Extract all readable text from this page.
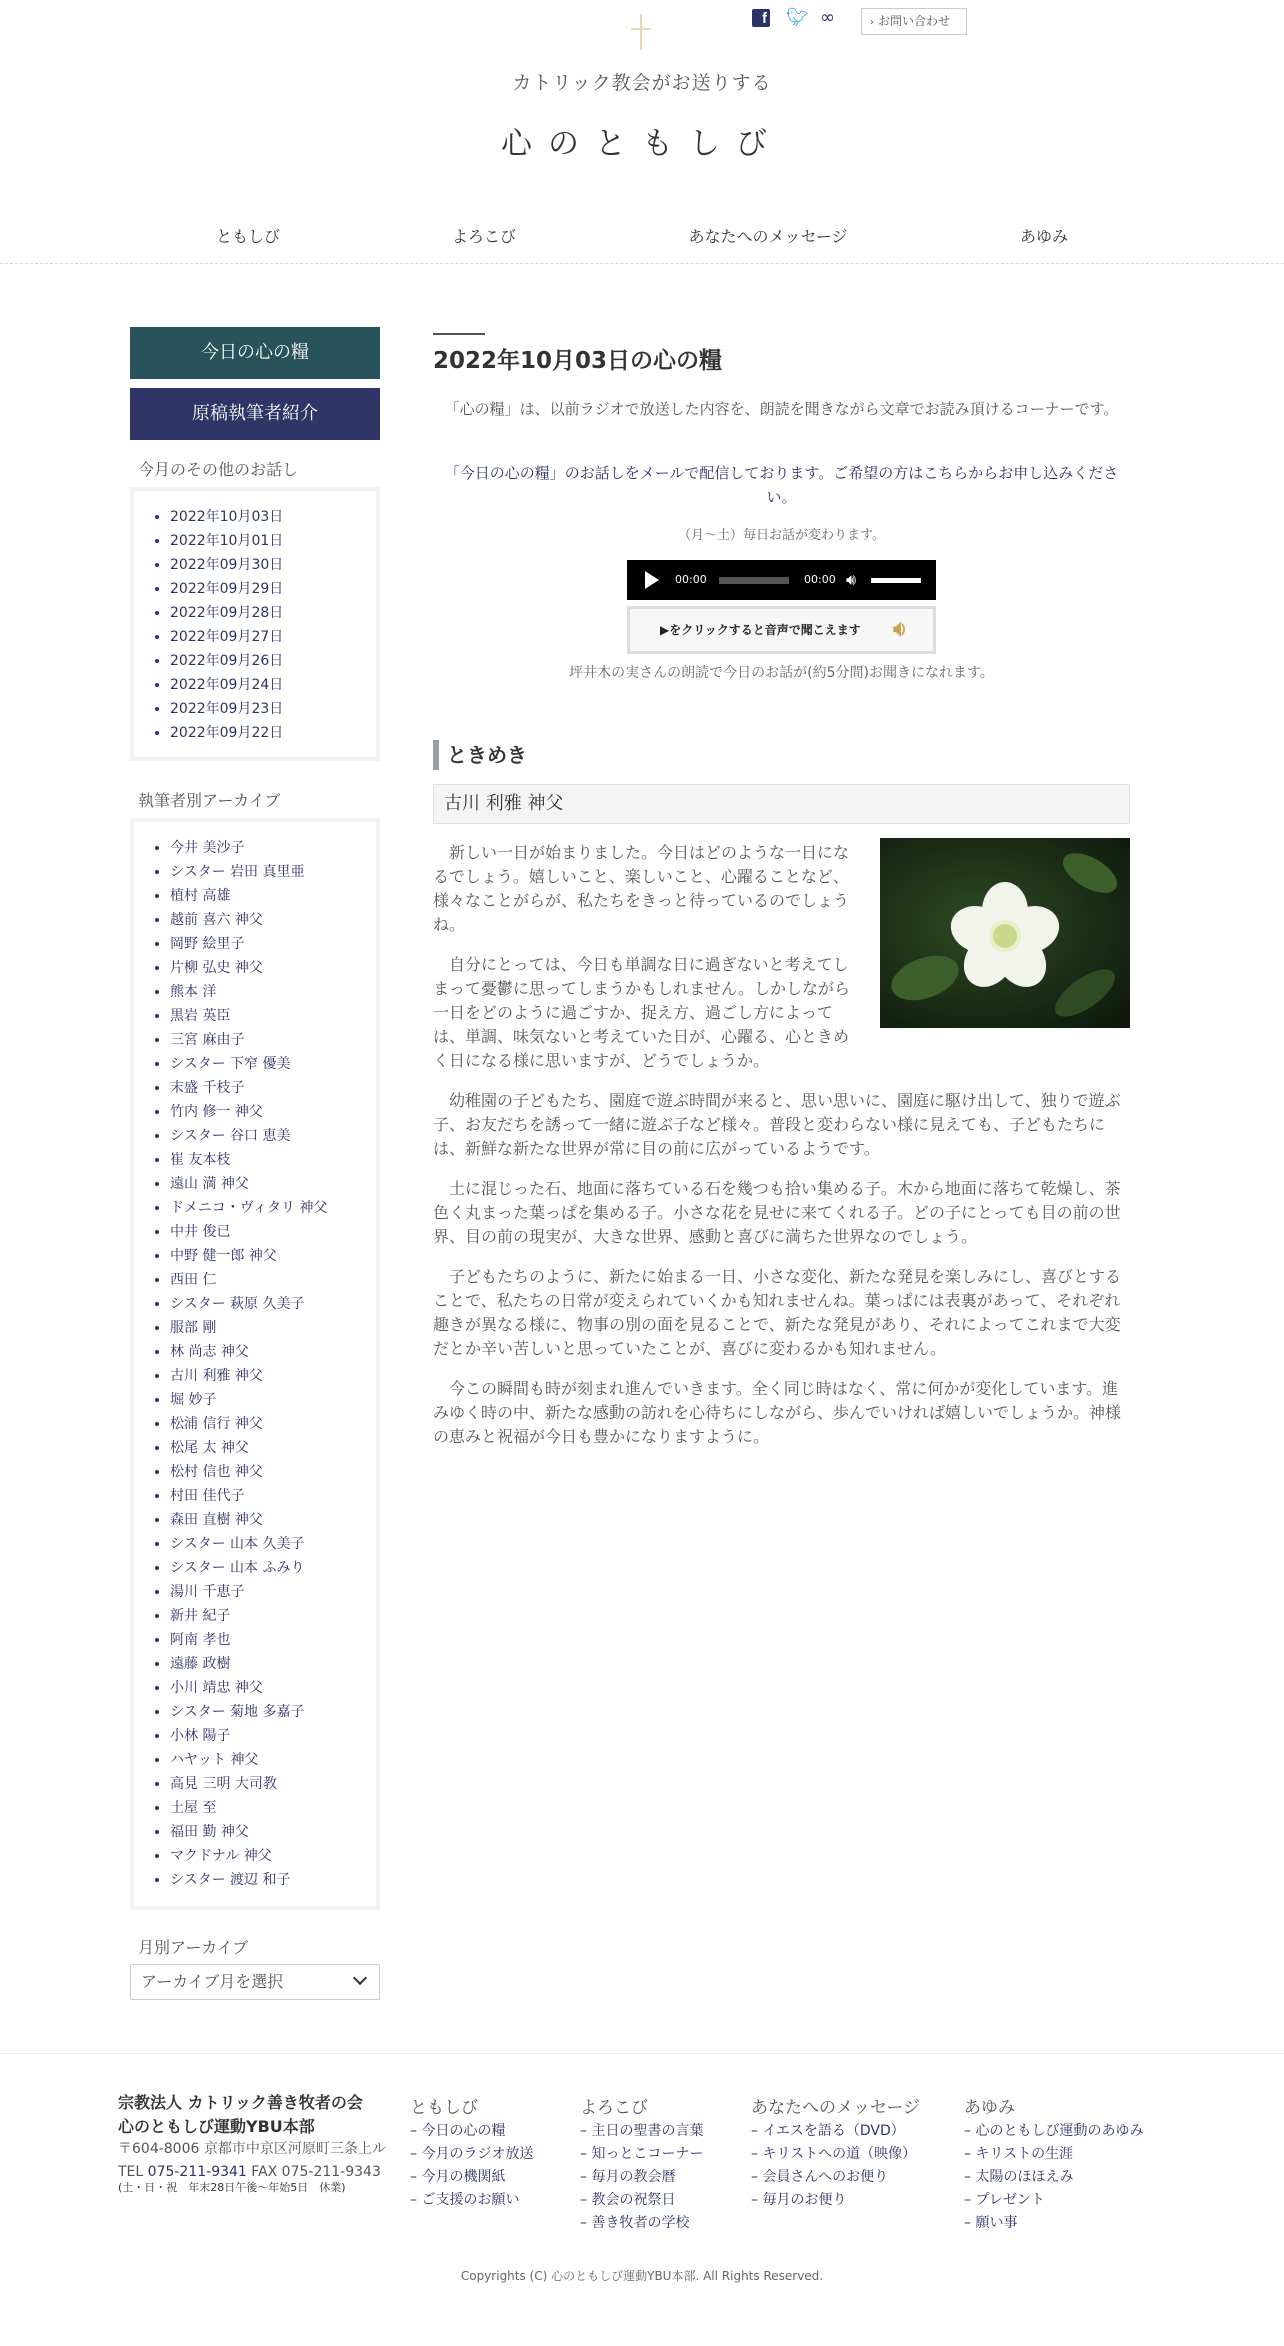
f 🐦︎ ∞	› お問い合わせ
カトリック教会がお送りする
心のともしび
ともしび	よろこび	あなたへのメッセージ	あゆみ
今日の心の糧
原稿執筆者紹介
今月のその他のお話し
• 2022年10月03日
• 2022年10月01日
• 2022年09月30日
• 2022年09月29日
• 2022年09月28日
• 2022年09月27日
• 2022年09月26日
• 2022年09月24日
• 2022年09月23日
• 2022年09月22日
執筆者別アーカイブ
• 今井 美沙子
• シスター 岩田 真里亜
• 植村 高雄
• 越前 喜六 神父
• 岡野 絵里子
• 片柳 弘史 神父
• 熊本 洋
• 黒岩 英臣
• 三宮 麻由子
• シスター 下窄 優美
• 末盛 千枝子
• 竹内 修一 神父
• シスター 谷口 恵美
• 崔 友本枝
• 遠山 満 神父
• ドメニコ・ヴィタリ 神父
• 中井 俊已
• 中野 健一郎 神父
• 西田 仁
• シスター 萩原 久美子
• 服部 剛
• 林 尚志 神父
• 古川 利雅 神父
• 堀 妙子
• 松浦 信行 神父
• 松尾 太 神父
• 松村 信也 神父
• 村田 佳代子
• 森田 直樹 神父
• シスター 山本 久美子
• シスター 山本 ふみり
• 湯川 千恵子
• 新井 紀子
• 阿南 孝也
• 遠藤 政樹
• 小川 靖忠 神父
• シスター 菊地 多嘉子
• 小林 陽子
• ハヤット 神父
• 高見 三明 大司教
• 土屋 至
• 福田 勤 神父
• マクドナル 神父
• シスター 渡辺 和子
月別アーカイブ
アーカイブ月を選択
2022年10月03日の心の糧

「心の糧」は、以前ラジオで放送した内容を、朗読を聞きながら文章でお読み頂けるコーナーです。

「今日の心の糧」のお話しをメールで配信しております。ご希望の方はこちらからお申し込みください。

（月～土）毎日お話が変わります。

00:00	00:00 🔊︎
▶をクリックすると音声で聞こえます 🔉︎

坪井木の実さんの朗読で今日のお話が(約5分間)お聞きになれます。

ときめき
古川 利雅 神父

新しい一日が始まりました。今日はどのような一日になるでしょう。嬉しいこと、楽しいこと、心躍ることなど、様々なことがらが、私たちをきっと待っているのでしょうね。

自分にとっては、今日も単調な日に過ぎないと考えてしまって憂鬱に思ってしまうかもしれません。しかしながら一日をどのように過ごすか、捉え方、過ごし方によっては、単調、味気ないと考えていた日が、心躍る、心ときめく日になる様に思いますが、どうでしょうか。

幼稚園の子どもたち、園庭で遊ぶ時間が来ると、思い思いに、園庭に駆け出して、独りで遊ぶ子、お友だちを誘って一緒に遊ぶ子など様々。普段と変わらない様に見えても、子どもたちには、新鮮な新たな世界が常に目の前に広がっているようです。

土に混じった石、地面に落ちている石を幾つも拾い集める子。木から地面に落ちて乾燥し、茶色く丸まった葉っぱを集める子。小さな花を見せに来てくれる子。どの子にとっても目の前の世界、目の前の現実が、大きな世界、感動と喜びに満ちた世界なのでしょう。

子どもたちのように、新たに始まる一日、小さな変化、新たな発見を楽しみにし、喜びとすることで、私たちの日常が変えられていくかも知れませんね。葉っぱには表裏があって、それぞれ趣きが異なる様に、物事の別の面を見ることで、新たな発見があり、それによってこれまで大変だとか辛い苦しいと思っていたことが、喜びに変わるかも知れません。

今この瞬間も時が刻まれ進んでいきます。全く同じ時はなく、常に何かが変化しています。進みゆく時の中、新たな感動の訪れを心待ちにしながら、歩んでいければ嬉しいでしょうか。神様の恵みと祝福が今日も豊かになりますように。

宗教法人 カトリック善き牧者の会
心のともしび運動YBU本部
〒604-8006 京都市中京区河原町三条上ル
TEL 075-211-9341 FAX 075-211-9343
(土・日・祝　年末28日午後〜年始5日　休業)
ともしび
– 今日の心の糧
– 今月のラジオ放送
– 今月の機関紙
– ご支援のお願い
よろこび
– 主日の聖書の言葉
– 知っとこコーナー
– 毎月の教会暦
– 教会の祝祭日
– 善き牧者の学校
あなたへのメッセージ
– イエスを語る（DVD）
– キリストへの道（映像）
– 会員さんへのお便り
– 毎月のお便り
あゆみ
– 心のともしび運動のあゆみ
– キリストの生涯
– 太陽のほほえみ
– プレゼント
– 願い事
Copyrights (C) 心のともしび運動YBU本部. All Rights Reserved.
